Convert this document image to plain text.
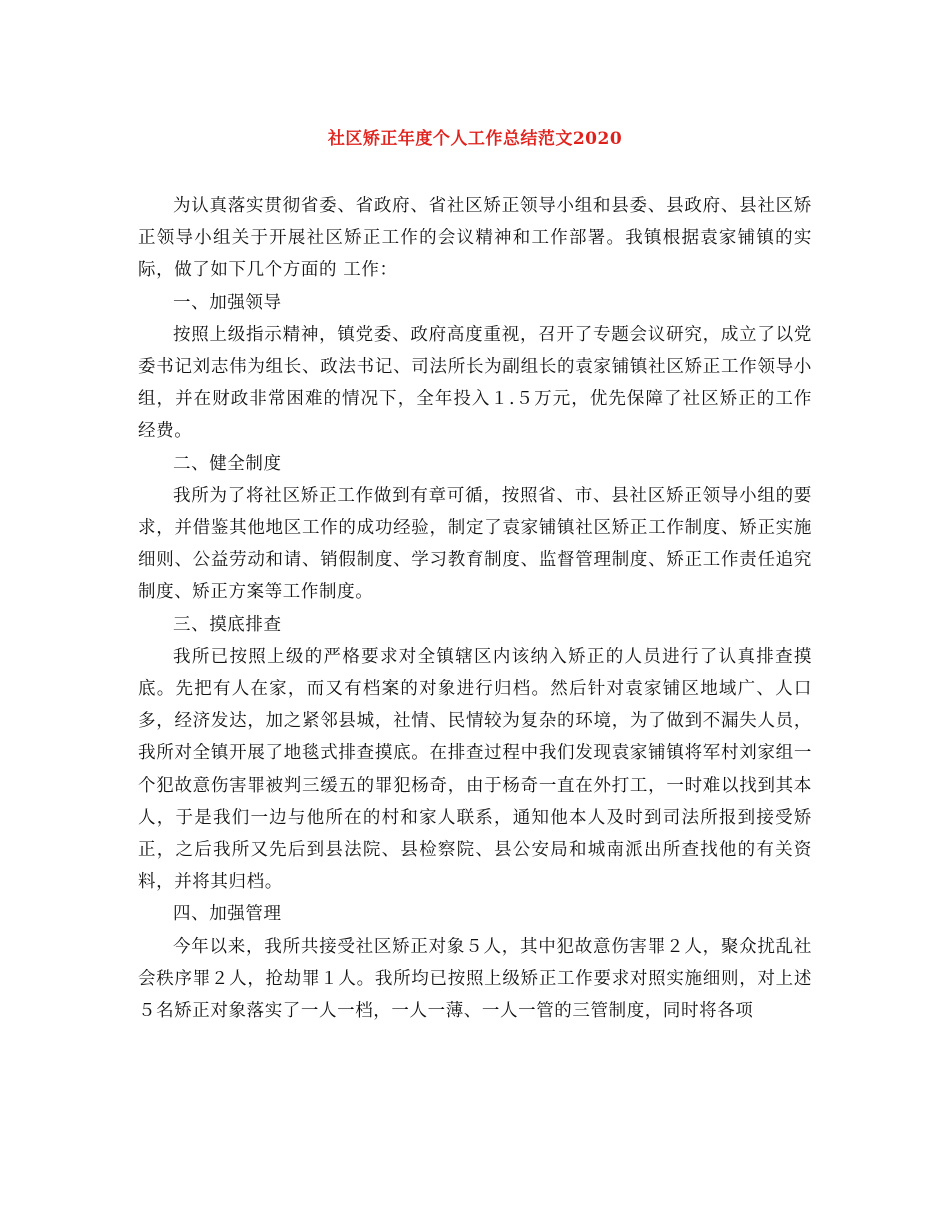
社区矫正年度个人工作总结范文2020

为认真落实贯彻省委、省政府、省社区矫正领导小组和县委、县政府、县社区矫正领导小组关于开展社区矫正工作的会议精神和工作部署。我镇根据袁家铺镇的实际，做了如下几个方面的 工作：

一、加强领导

按照上级指示精神，镇党委、政府高度重视，召开了专题会议研究，成立了以党委书记刘志伟为组长、政法书记、司法所长为副组长的袁家铺镇社区矫正工作领导小组，并在财政非常困难的情况下，全年投入１.５万元，优先保障了社区矫正的工作经费。

二、健全制度

我所为了将社区矫正工作做到有章可循，按照省、市、县社区矫正领导小组的要求，并借鉴其他地区工作的成功经验，制定了袁家铺镇社区矫正工作制度、矫正实施细则、公益劳动和请、销假制度、学习教育制度、监督管理制度、矫正工作责任追究制度、矫正方案等工作制度。

三、摸底排查

我所已按照上级的严格要求对全镇辖区内该纳入矫正的人员进行了认真排查摸底。先把有人在家，而又有档案的对象进行归档。然后针对袁家铺区地域广、人口多，经济发达，加之紧邻县城，社情、民情较为复杂的环境，为了做到不漏失人员，我所对全镇开展了地毯式排查摸底。在排查过程中我们发现袁家铺镇将军村刘家组一个犯故意伤害罪被判三缓五的罪犯杨奇，由于杨奇一直在外打工，一时难以找到其本人，于是我们一边与他所在的村和家人联系，通知他本人及时到司法所报到接受矫正，之后我所又先后到县法院、县检察院、县公安局和城南派出所查找他的有关资料，并将其归档。

四、加强管理

今年以来，我所共接受社区矫正对象５人，其中犯故意伤害罪２人，聚众扰乱社会秩序罪２人，抢劫罪１人。我所均已按照上级矫正工作要求对照实施细则，对上述５名矫正对象落实了一人一档，一人一薄、一人一管的三管制度，同时将各项
